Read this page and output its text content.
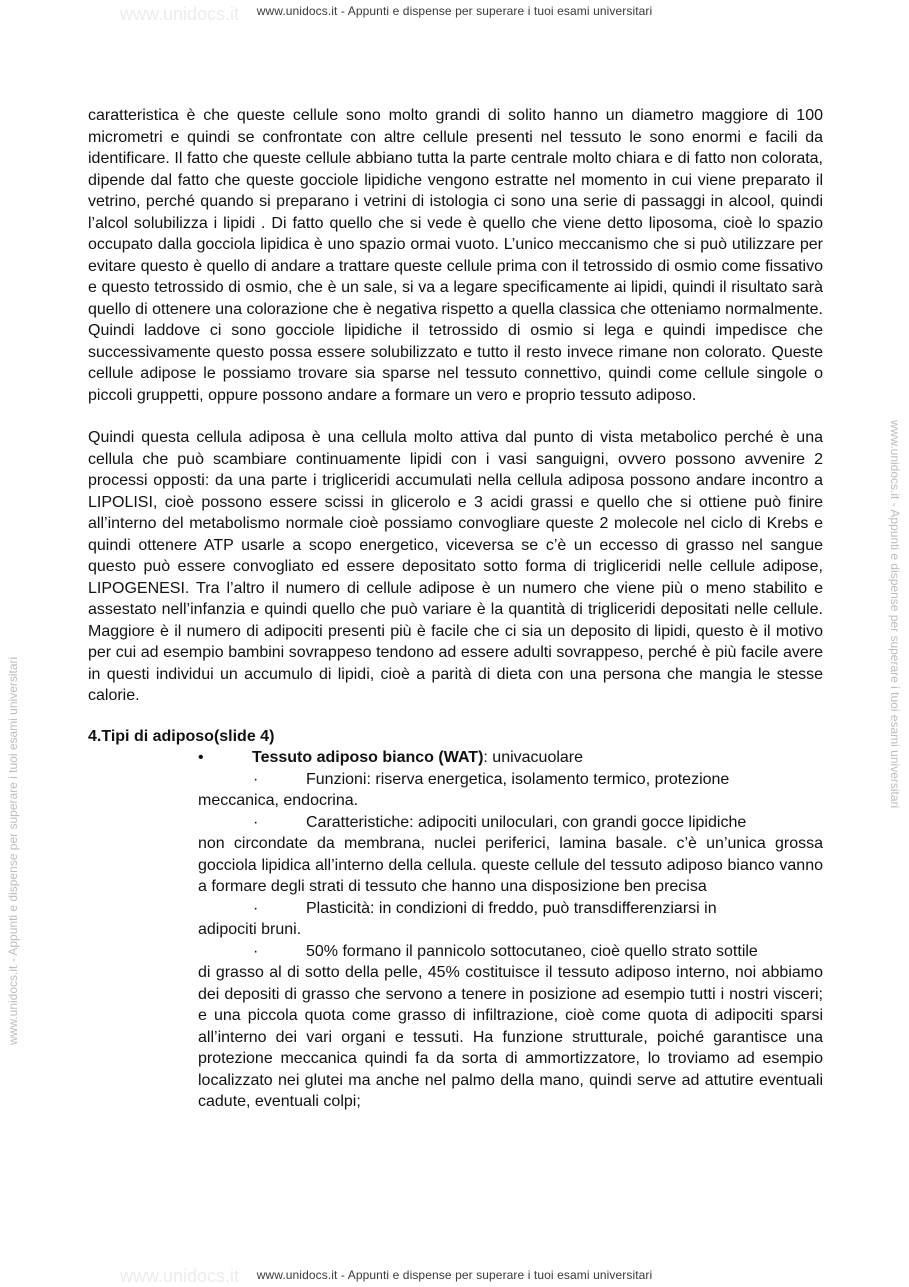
www.unidocs.it
www.unidocs.it
www.unidocs.it - Appunti e dispense per superare i tuoi esami universitari
www.unidocs.it - Appunti e dispense per superare i tuoi esami universitari
www.unidocs.it - Appunti e dispense per superare i tuoi esami universitari

caratteristica è che queste cellule sono molto grandi di solito hanno un diametro maggiore di 100 micrometri e quindi se confrontate con altre cellule presenti nel tessuto le sono enormi e facili da identificare. Il fatto che queste cellule abbiano tutta la parte centrale molto chiara e di fatto non colorata, dipende dal fatto che queste gocciole lipidiche vengono estratte nel momento in cui viene preparato il vetrino, perché quando si preparano i vetrini di istologia ci sono una serie di passaggi in alcool, quindi l’alcol solubilizza i lipidi . Di fatto quello che si vede è quello che viene detto liposoma, cioè lo spazio occupato dalla gocciola lipidica è uno spazio ormai vuoto. L’unico meccanismo che si può utilizzare per evitare questo è quello di andare a trattare queste cellule prima con il tetrossido di osmio come fissativo e questo tetrossido di osmio, che è un sale, si va a legare specificamente ai lipidi, quindi il risultato sarà quello di ottenere una colorazione che è negativa rispetto a quella classica che otteniamo normalmente. Quindi laddove ci sono gocciole lipidiche il tetrossido di osmio si lega e quindi impedisce che successivamente questo possa essere solubilizzato e tutto il resto invece rimane non colorato. Queste cellule adipose le possiamo trovare sia sparse nel tessuto connettivo, quindi come cellule singole o piccoli gruppetti, oppure possono andare a formare un vero e proprio tessuto adiposo.

Quindi questa cellula adiposa è una cellula molto attiva dal punto di vista metabolico perché è una cellula che può scambiare continuamente lipidi con i vasi sanguigni, ovvero possono avvenire 2 processi opposti: da una parte i trigliceridi accumulati nella cellula adiposa possono andare incontro a LIPOLISI, cioè possono essere scissi in glicerolo e 3 acidi grassi e quello che si ottiene può finire all’interno del metabolismo normale cioè possiamo convogliare queste 2 molecole nel ciclo di Krebs e quindi ottenere ATP usarle a scopo energetico, viceversa se c’è un eccesso di grasso nel sangue questo può essere convogliato ed essere depositato sotto forma di trigliceridi nelle cellule adipose, LIPOGENESI. Tra l’altro il numero di cellule adipose è un numero che viene più o meno stabilito e assestato nell’infanzia e quindi quello che può variare è la quantità di trigliceridi depositati nelle cellule. Maggiore è il numero di adipociti presenti più è facile che ci sia un deposito di lipidi, questo è il motivo per cui ad esempio bambini sovrappeso tendono ad essere adulti sovrappeso, perché è più facile avere in questi individui un accumulo di lipidi, cioè a parità di dieta con una persona che mangia le stesse calorie.

4.Tipi di adiposo(slide 4)
•	Tessuto adiposo bianco (WAT): univacuolare
·	Funzioni: riserva energetica, isolamento termico, protezione
meccanica, endocrina.
·	Caratteristiche: adipociti uniloculari, con grandi gocce lipidiche
non circondate da membrana, nuclei periferici, lamina basale. c’è un’unica grossa gocciola lipidica all’interno della cellula. queste cellule del tessuto adiposo bianco vanno a formare degli strati di tessuto che hanno una disposizione ben precisa
·	Plasticità: in condizioni di freddo, può transdifferenziarsi in
adipociti bruni.
·	50% formano il pannicolo sottocutaneo, cioè quello strato sottile
di grasso al di sotto della pelle, 45% costituisce il tessuto adiposo interno, noi abbiamo dei depositi di grasso che servono a tenere in posizione ad esempio tutti i nostri visceri; e una piccola quota come grasso di infiltrazione, cioè come quota di adipociti sparsi all’interno dei vari organi e tessuti. Ha funzione strutturale, poiché garantisce una protezione meccanica quindi fa da sorta di ammortizzatore, lo troviamo ad esempio localizzato nei glutei ma anche nel palmo della mano, quindi serve ad attutire eventuali cadute, eventuali colpi;
www.unidocs.it - Appunti e dispense per superare i tuoi esami universitari
